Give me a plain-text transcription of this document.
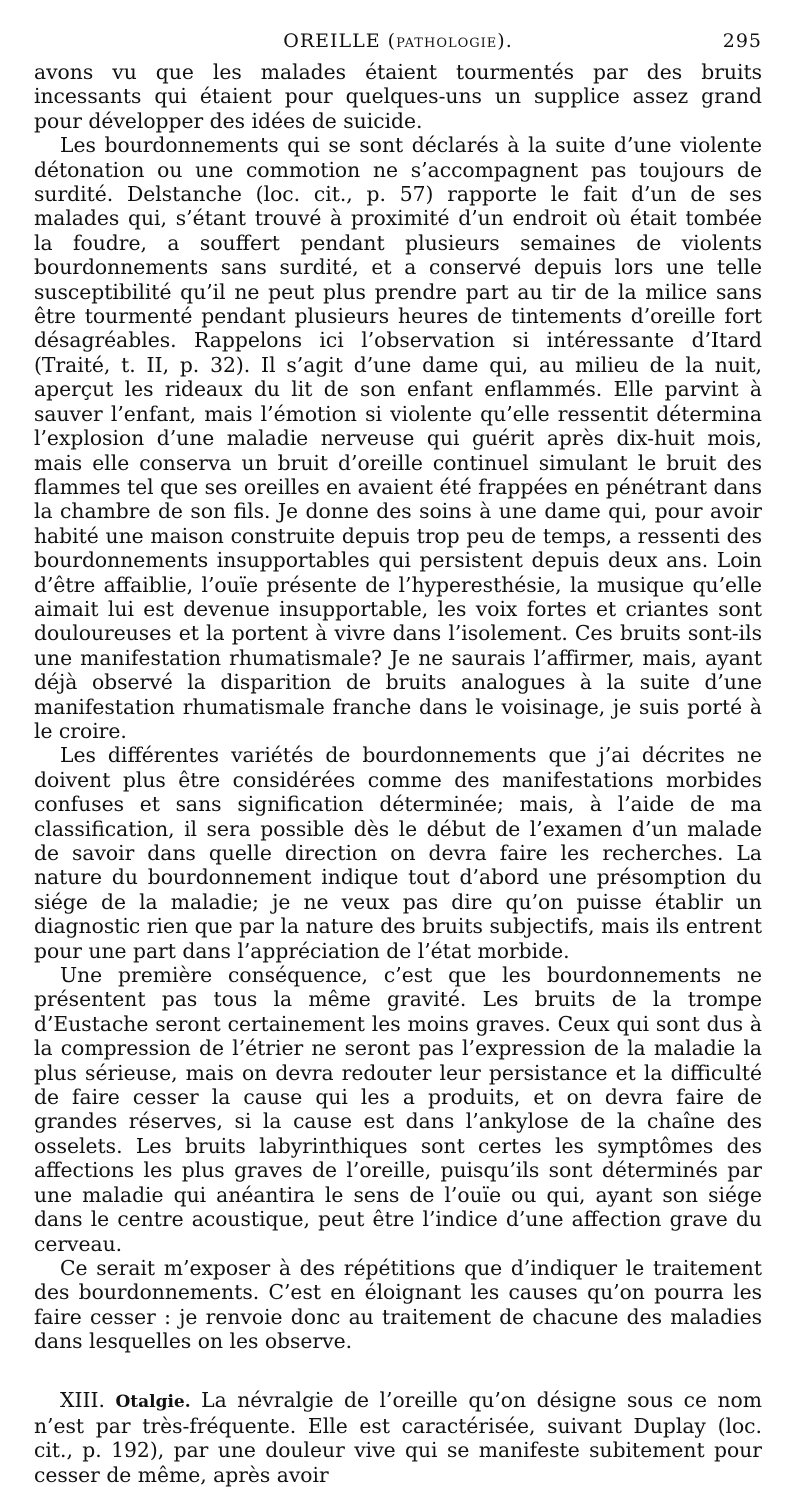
OREILLE (PATHOLOGIE).	295

avons vu que les malades étaient tourmentés par des bruits incessants qui étaient pour quelques-uns un supplice assez grand pour développer des idées de suicide.

Les bourdonnements qui se sont déclarés à la suite d’une violente détonation ou une commotion ne s’accompagnent pas toujours de surdité. Delstanche (loc. cit., p. 57) rapporte le fait d’un de ses malades qui, s’étant trouvé à proximité d’un endroit où était tombée la foudre, a souffert pendant plusieurs semaines de violents bourdonnements sans surdité, et a conservé depuis lors une telle susceptibilité qu’il ne peut plus prendre part au tir de la milice sans être tourmenté pendant plusieurs heures de tintements d’oreille fort désagréables. Rappelons ici l’observation si intéressante d’Itard (Traité, t. II, p. 32). Il s’agit d’une dame qui, au milieu de la nuit, aperçut les rideaux du lit de son enfant enflammés. Elle parvint à sauver l’enfant, mais l’émotion si violente qu’elle ressentit détermina l’explosion d’une maladie nerveuse qui guérit après dix-huit mois, mais elle conserva un bruit d’oreille continuel simulant le bruit des flammes tel que ses oreilles en avaient été frappées en pénétrant dans la chambre de son fils. Je donne des soins à une dame qui, pour avoir habité une maison construite depuis trop peu de temps, a ressenti des bourdonnements insupportables qui persistent depuis deux ans. Loin d’être affaiblie, l’ouïe présente de l’hyperesthésie, la musique qu’elle aimait lui est devenue insupportable, les voix fortes et criantes sont douloureuses et la portent à vivre dans l’isolement. Ces bruits sont-ils une manifestation rhumatismale? Je ne saurais l’affirmer, mais, ayant déjà observé la disparition de bruits analogues à la suite d’une manifestation rhumatismale franche dans le voisinage, je suis porté à le croire.

Les différentes variétés de bourdonnements que j’ai décrites ne doivent plus être considérées comme des manifestations morbides confuses et sans signification déterminée; mais, à l’aide de ma classification, il sera possible dès le début de l’examen d’un malade de savoir dans quelle direction on devra faire les recherches. La nature du bourdonnement indique tout d’abord une présomption du siége de la maladie; je ne veux pas dire qu’on puisse établir un diagnostic rien que par la nature des bruits subjectifs, mais ils entrent pour une part dans l’appréciation de l’état morbide.

Une première conséquence, c’est que les bourdonnements ne présentent pas tous la même gravité. Les bruits de la trompe d’Eustache seront certainement les moins graves. Ceux qui sont dus à la compression de l’étrier ne seront pas l’expression de la maladie la plus sérieuse, mais on devra redouter leur persistance et la difficulté de faire cesser la cause qui les a produits, et on devra faire de grandes réserves, si la cause est dans l’ankylose de la chaîne des osselets. Les bruits labyrinthiques sont certes les symptômes des affections les plus graves de l’oreille, puisqu’ils sont déterminés par une maladie qui anéantira le sens de l’ouïe ou qui, ayant son siége dans le centre acoustique, peut être l’indice d’une affection grave du cerveau.

Ce serait m’exposer à des répétitions que d’indiquer le traitement des bourdonnements. C’est en éloignant les causes qu’on pourra les faire cesser : je renvoie donc au traitement de chacune des maladies dans lesquelles on les observe.

XIII. Otalgie. La névralgie de l’oreille qu’on désigne sous ce nom n’est par très-fréquente. Elle est caractérisée, suivant Duplay (loc. cit., p. 192), par une douleur vive qui se manifeste subitement pour cesser de même, après avoir
